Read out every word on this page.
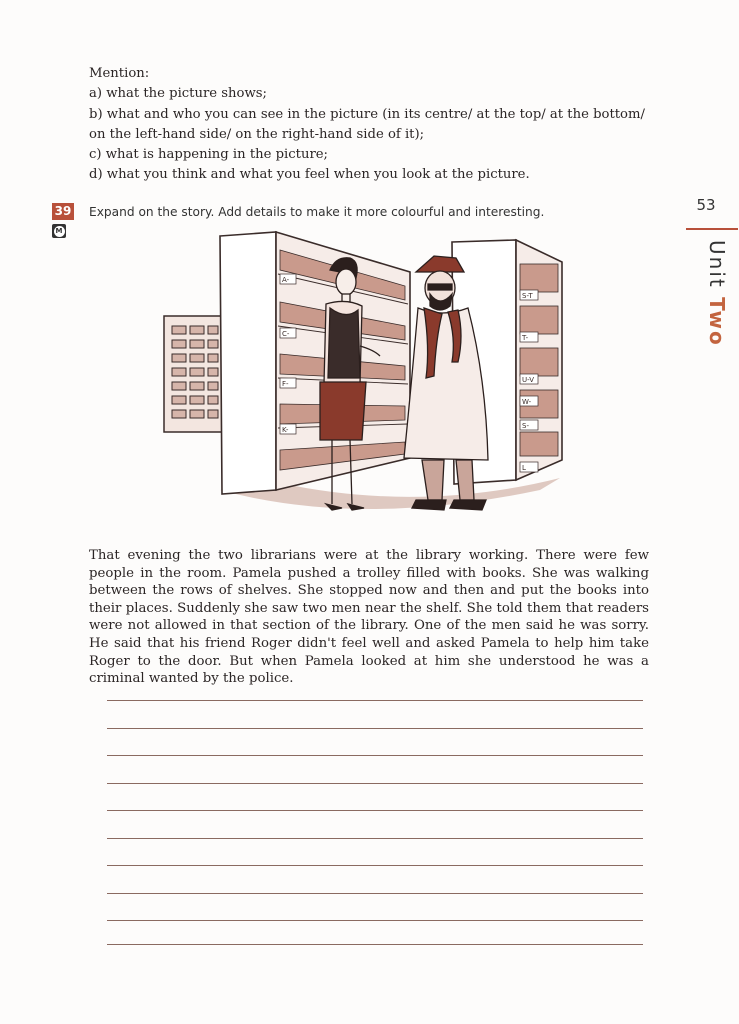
Mention:

a) what the picture shows;

b) what and who you can see in the picture (in its centre/ at the top/ at the bottom/ on the left-hand side/ on the right-hand side of it);

c) what is happening in the picture;

d) what you think and what you feel when you look at the picture.

39
M
Expand on the story. Add details to make it more colourful and interesting.	53
Unit Two
A-
C-
F-
K-
S-T
T-
U-V
W-
S-
L

That evening the two librarians were at the library working. There were few people in the room. Pamela pushed a trolley filled with books. She was walking between the rows of shelves. She stopped now and then and put the books into their places. Suddenly she saw two men near the shelf. She told them that readers were not allowed in that section of the library. One of the men said he was sorry. He said that his friend Roger didn't feel well and asked Pamela to help him take Roger to the door. But when Pamela looked at him she understood he was a criminal wanted by the police.
